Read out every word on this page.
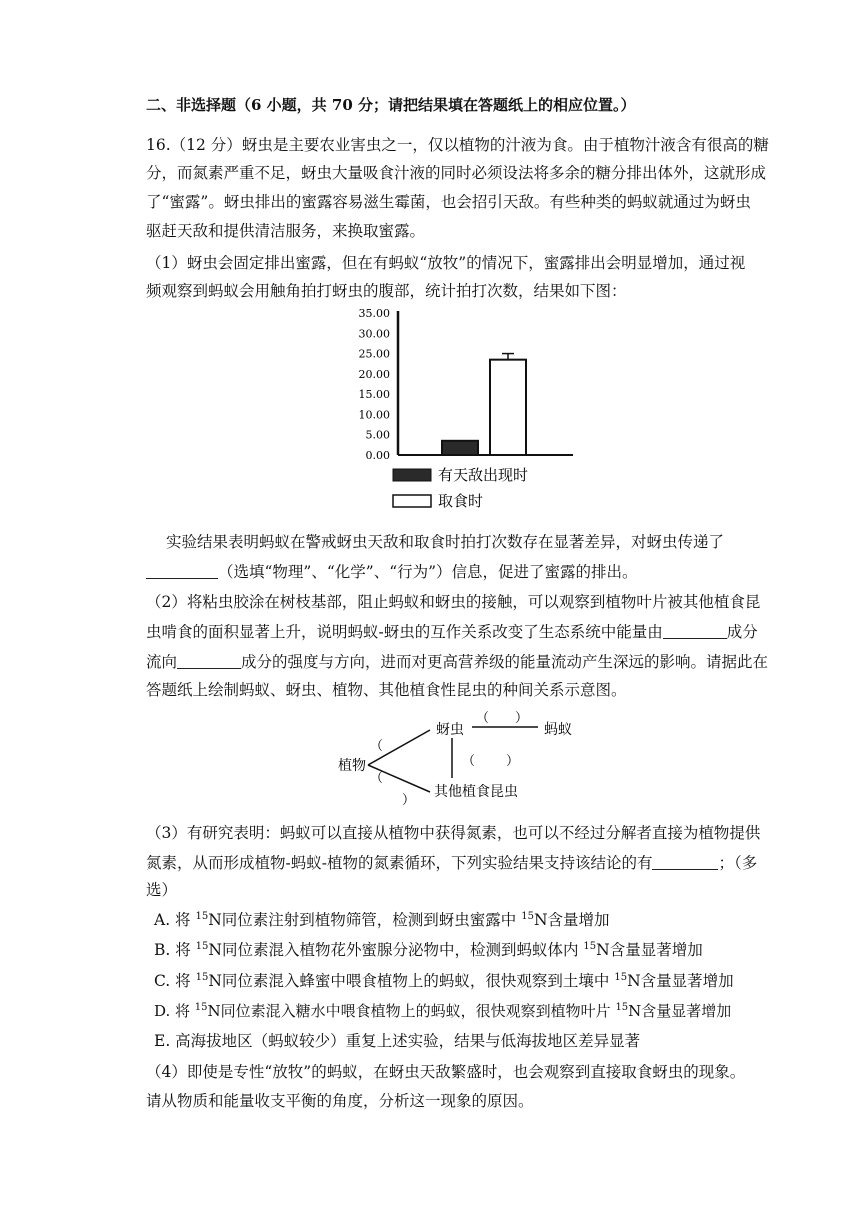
二、非选择题（6 小题，共 70 分；请把结果填在答题纸上的相应位置。）
16.（12 分）蚜虫是主要农业害虫之一，仅以植物的汁液为食。由于植物汁液含有很高的糖
分，而氮素严重不足，蚜虫大量吸食汁液的同时必须设法将多余的糖分排出体外，这就形成
了“蜜露”。蚜虫排出的蜜露容易滋生霉菌，也会招引天敌。有些种类的蚂蚁就通过为蚜虫
驱赶天敌和提供清洁服务，来换取蜜露。
（1）蚜虫会固定排出蜜露，但在有蚂蚁“放牧”的情况下，蜜露排出会明显增加，通过视
频观察到蚂蚁会用触角拍打蚜虫的腹部，统计拍打次数，结果如下图：
35.00
30.00
25.00
20.00
15.00
10.00
5.00
0.00
有天敌出现时
取食时
实验结果表明蚂蚁在警戒蚜虫天敌和取食时拍打次数存在显著差异，对蚜虫传递了
（选填“物理”、“化学”、“行为”）信息，促进了蜜露的排出。
（2）将粘虫胶涂在树枝基部，阻止蚂蚁和蚜虫的接触，可以观察到植物叶片被其他植食昆
虫啃食的面积显著上升，说明蚂蚁-蚜虫的互作关系改变了生态系统中能量由	成分
流向	成分的强度与方向，进而对更高营养级的能量流动产生深远的影响。请据此在
答题纸上绘制蚂蚁、蚜虫、植物、其他植食性昆虫的种间关系示意图。
蚜虫	蚂蚁
植物
其他植食昆虫
（　　）
（ ）
（
（
）
（3）有研究表明：蚂蚁可以直接从植物中获得氮素，也可以不经过分解者直接为植物提供
氮素，从而形成植物-蚂蚁-植物的氮素循环，下列实验结果支持该结论的有	；（多
选）
A. 将 $^{15}$N同位素注射到植物筛管，检测到蚜虫蜜露中 $^{15}$N含量增加
B. 将 $^{15}$N同位素混入植物花外蜜腺分泌物中，检测到蚂蚁体内 $^{15}$N含量显著增加
C. 将 $^{15}$N同位素混入蜂蜜中喂食植物上的蚂蚁，很快观察到土壤中 $^{15}$N含量显著增加
D. 将 $^{15}$N同位素混入糖水中喂食植物上的蚂蚁，很快观察到植物叶片 $^{15}$N含量显著增加
E. 高海拔地区（蚂蚁较少）重复上述实验，结果与低海拔地区差异显著
（4）即使是专性“放牧”的蚂蚁，在蚜虫天敌繁盛时，也会观察到直接取食蚜虫的现象。
请从物质和能量收支平衡的角度，分析这一现象的原因。
